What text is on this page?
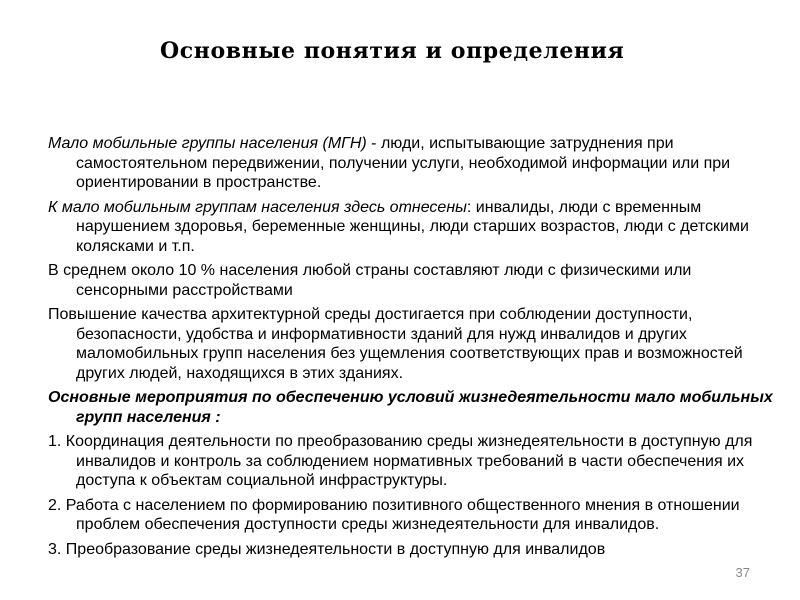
Основные понятия и определения

Мало мобильные группы населения (МГН) - люди, испытывающие затруднения при самостоятельном передвижении, получении услуги, необходимой информации или при ориентировании в пространстве.

К мало мобильным группам населения здесь отнесены: инвалиды, люди с временным нарушением здоровья, беременные женщины, люди старших возрастов, люди с детскими колясками и т.п.

В среднем около 10 % населения любой страны составляют люди с физическими или сенсорными расстройствами

Повышение качества архитектурной среды достигается при соблюдении доступности, безопасности, удобства и информативности зданий для нужд инвалидов и других маломобильных групп населения без ущемления соответствующих прав и возможностей других людей, находящихся в этих зданиях.

Основные мероприятия по обеспечению условий жизнедеятельности мало мобильных групп населения :

1. Координация деятельности по преобразованию среды жизнедеятельности в доступную для инвалидов и контроль за соблюдением нормативных требований в части обеспечения их доступа к объектам социальной инфраструктуры.

2. Работа с населением по формированию позитивного общественного мнения в отношении проблем обеспечения доступности среды жизнедеятельности для инвалидов.

3. Преобразование среды жизнедеятельности в доступную для инвалидов

37
